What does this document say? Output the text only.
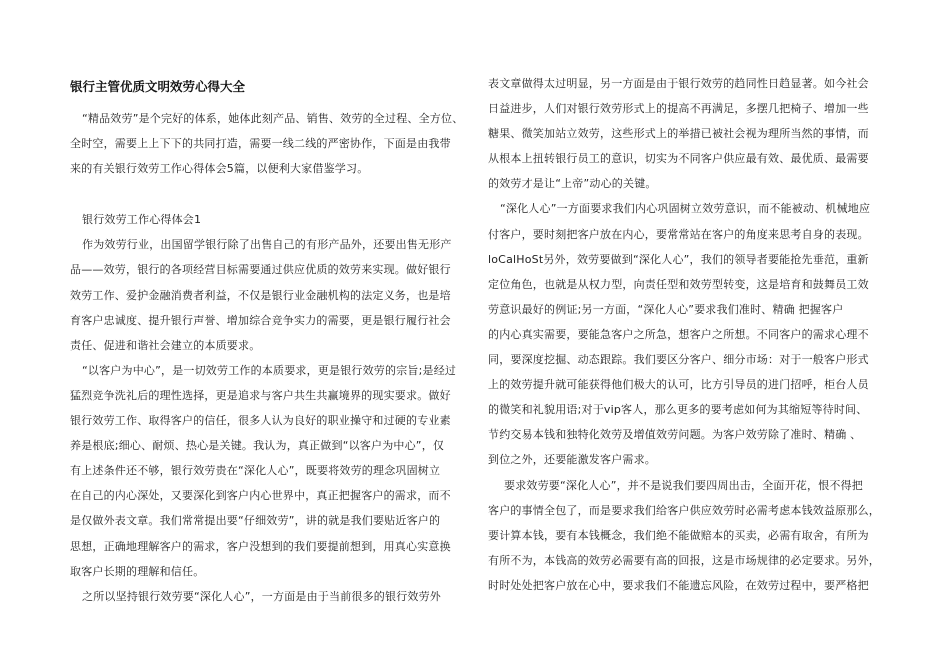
银行主管优质文明效劳心得大全
“精品效劳”是个完好的体系，她体此刻产品、销售、效劳的全过程、全方位、
全时空，需要上上下下的共同打造，需要一线二线的严密协作，下面是由我带
来的有关银行效劳工作心得体会5篇，以便利大家借鉴学习。
银行效劳工作心得体会1
作为效劳行业，出国留学银行除了出售自己的有形产品外，还要出售无形产
品——效劳，银行的各项经营目标需要通过供应优质的效劳来实现。做好银行
效劳工作、爱护金融消费者利益，不仅是银行业金融机构的法定义务，也是培
育客户忠诚度、提升银行声誉、增加综合竞争实力的需要，更是银行履行社会
责任、促进和谐社会建立的本质要求。
“以客户为中心”，是一切效劳工作的本质要求，更是银行效劳的宗旨;是经过
猛烈竞争洗礼后的理性选择，更是追求与客户共生共赢境界的现实要求。做好
银行效劳工作、取得客户的信任，很多人认为良好的职业操守和过硬的专业素
养是根底;细心、耐烦、热心是关键。我认为，真正做到“以客户为中心”，仅
有上述条件还不够，银行效劳贵在“深化人心”，既要将效劳的理念巩固树立
在自己的内心深处，又要深化到客户内心世界中，真正把握客户的需求，而不
是仅做外表文章。我们常常提出要“仔细效劳”，讲的就是我们要贴近客户的
思想，正确地理解客户的需求，客户没想到的我们要提前想到，用真心实意换
取客户长期的理解和信任。
之所以坚持银行效劳要“深化人心”，一方面是由于当前很多的银行效劳外
表文章做得太过明显，另一方面是由于银行效劳的趋同性日趋显著。如今社会
日益进步，人们对银行效劳形式上的提高不再满足，多摆几把椅子、增加一些
糖果、微笑加站立效劳，这些形式上的举措已被社会视为理所当然的事情，而
从根本上扭转银行员工的意识，切实为不同客户供应最有效、最优质、最需要
的效劳才是让“上帝”动心的关键。
“深化人心”一方面要求我们内心巩固树立效劳意识，而不能被动、机械地应
付客户，要时刻把客户放在内心，要常常站在客户的角度来思考自身的表现。
loCalHoSt另外，效劳要做到“深化人心”，我们的领导者要能抢先垂范，重新
定位角色，也就是从权力型，向责任型和效劳型转变，这是培育和鼓舞员工效
劳意识最好的例证;另一方面，“深化人心”要求我们准时、精确 把握客户
的内心真实需要，要能急客户之所急，想客户之所想。不同客户的需求心理不
同，要深度挖掘、动态跟踪。我们要区分客户、细分市场：对于一般客户形式
上的效劳提升就可能获得他们极大的认可，比方引导员的进门招呼，柜台人员
的微笑和礼貌用语;对于vip客人，那么更多的要考虑如何为其缩短等待时间、
节约交易本钱和独特化效劳及增值效劳问题。为客户效劳除了准时、精确 、
到位之外，还要能激发客户需求。
要求效劳要“深化人心”，并不是说我们要四周出击，全面开花，恨不得把
客户的事情全包了，而是要求我们给客户供应效劳时必需考虑本钱效益原那么，
要计算本钱，要有本钱概念，我们绝不能做赔本的买卖，必需有取舍，有所为
有所不为，本钱高的效劳必需要有高的回报，这是市场规律的必定要求。另外，
时时处处把客户放在心中，要求我们不能遗忘风险，在效劳过程中，要严格把
